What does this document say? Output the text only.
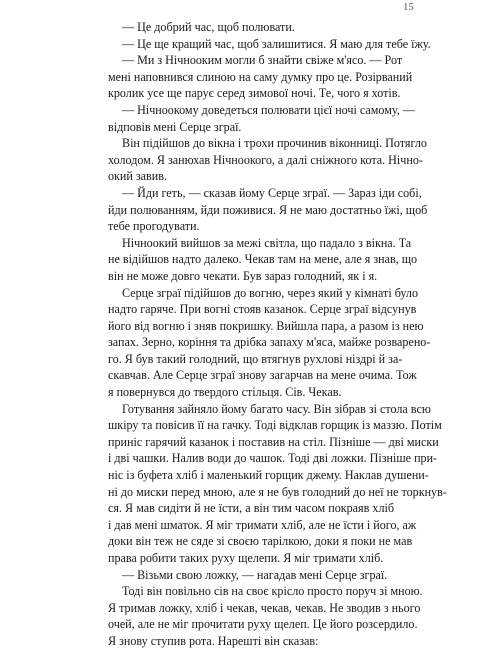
15
— Це добрий час, щоб полювати.
— Це ще кращий час, щоб залишитися. Я маю для тебе їжу.
— Ми з Нічнооким могли б знайти свіже м'ясо. — Рот
мені наповнився слиною на саму думку про це. Розірваний
кролик усе ще парує серед зимової ночі. Те, чого я хотів.
— Нічноокому доведеться полювати цієї ночі самому, —
відповів мені Серце зграї.
Він підійшов до вікна і трохи прочинив віконниці. Потягло
холодом. Я занюхав Нічноокого, а далі сніжного кота. Нічно-
окий завив.
— Йди геть, — сказав йому Серце зграї. — Зараз іди собі,
йди полюванням, йди поживися. Я не маю достатньо їжі, щоб
тебе прогодувати.
Нічноокий вийшов за межі світла, що падало з вікна. Та
не відійшов надто далеко. Чекав там на мене, але я знав, що
він не може довго чекати. Був зараз голодний, як і я.
Серце зграї підійшов до вогню, через який у кімнаті було
надто гаряче. При вогні стояв казанок. Серце зграї відсунув
його від вогню і зняв покришку. Вийшла пара, а разом із нею
запах. Зерно, коріння та дрібка запаху м'яса, майже розварено-
го. Я був такий голодний, що втягнув рухлові ніздрі й за-
скавчав. Але Серце зграї знову загарчав на мене очима. Тож
я повернувся до твердого стільця. Сів. Чекав.
Готування зайняло йому багато часу. Він зібрав зі стола всю
шкіру та повісив її на гачку. Тоді відклав горщик із маззю. Потім
приніс гарячий казанок і поставив на стіл. Пізніше — дві миски
і дві чашки. Налив води до чашок. Тоді дві ложки. Пізніше при-
ніс із буфета хліб і маленький горщик джему. Наклав душени-
ні до миски перед мною, але я не був голодний до неї не торкнув-
ся. Я мав сидіти й не їсти, а він тим часом покраяв хліб
і дав мені шматок. Я міг тримати хліб, але не їсти і його, аж
доки він теж не сяде зі своєю тарілкою, доки я поки не мав
права робити таких руху щелепи. Я міг тримати хліб.
— Візьми свою ложку, — нагадав мені Серце зграї.
Тоді він повільно сів на своє крісло просто поруч зі мною.
Я тримав ложку, хліб і чекав, чекав, чекав. Не зводив з нього
очей, але не міг прочитати руху щелеп. Це його розсердило.
Я знову ступив рота. Нарешті він сказав:
